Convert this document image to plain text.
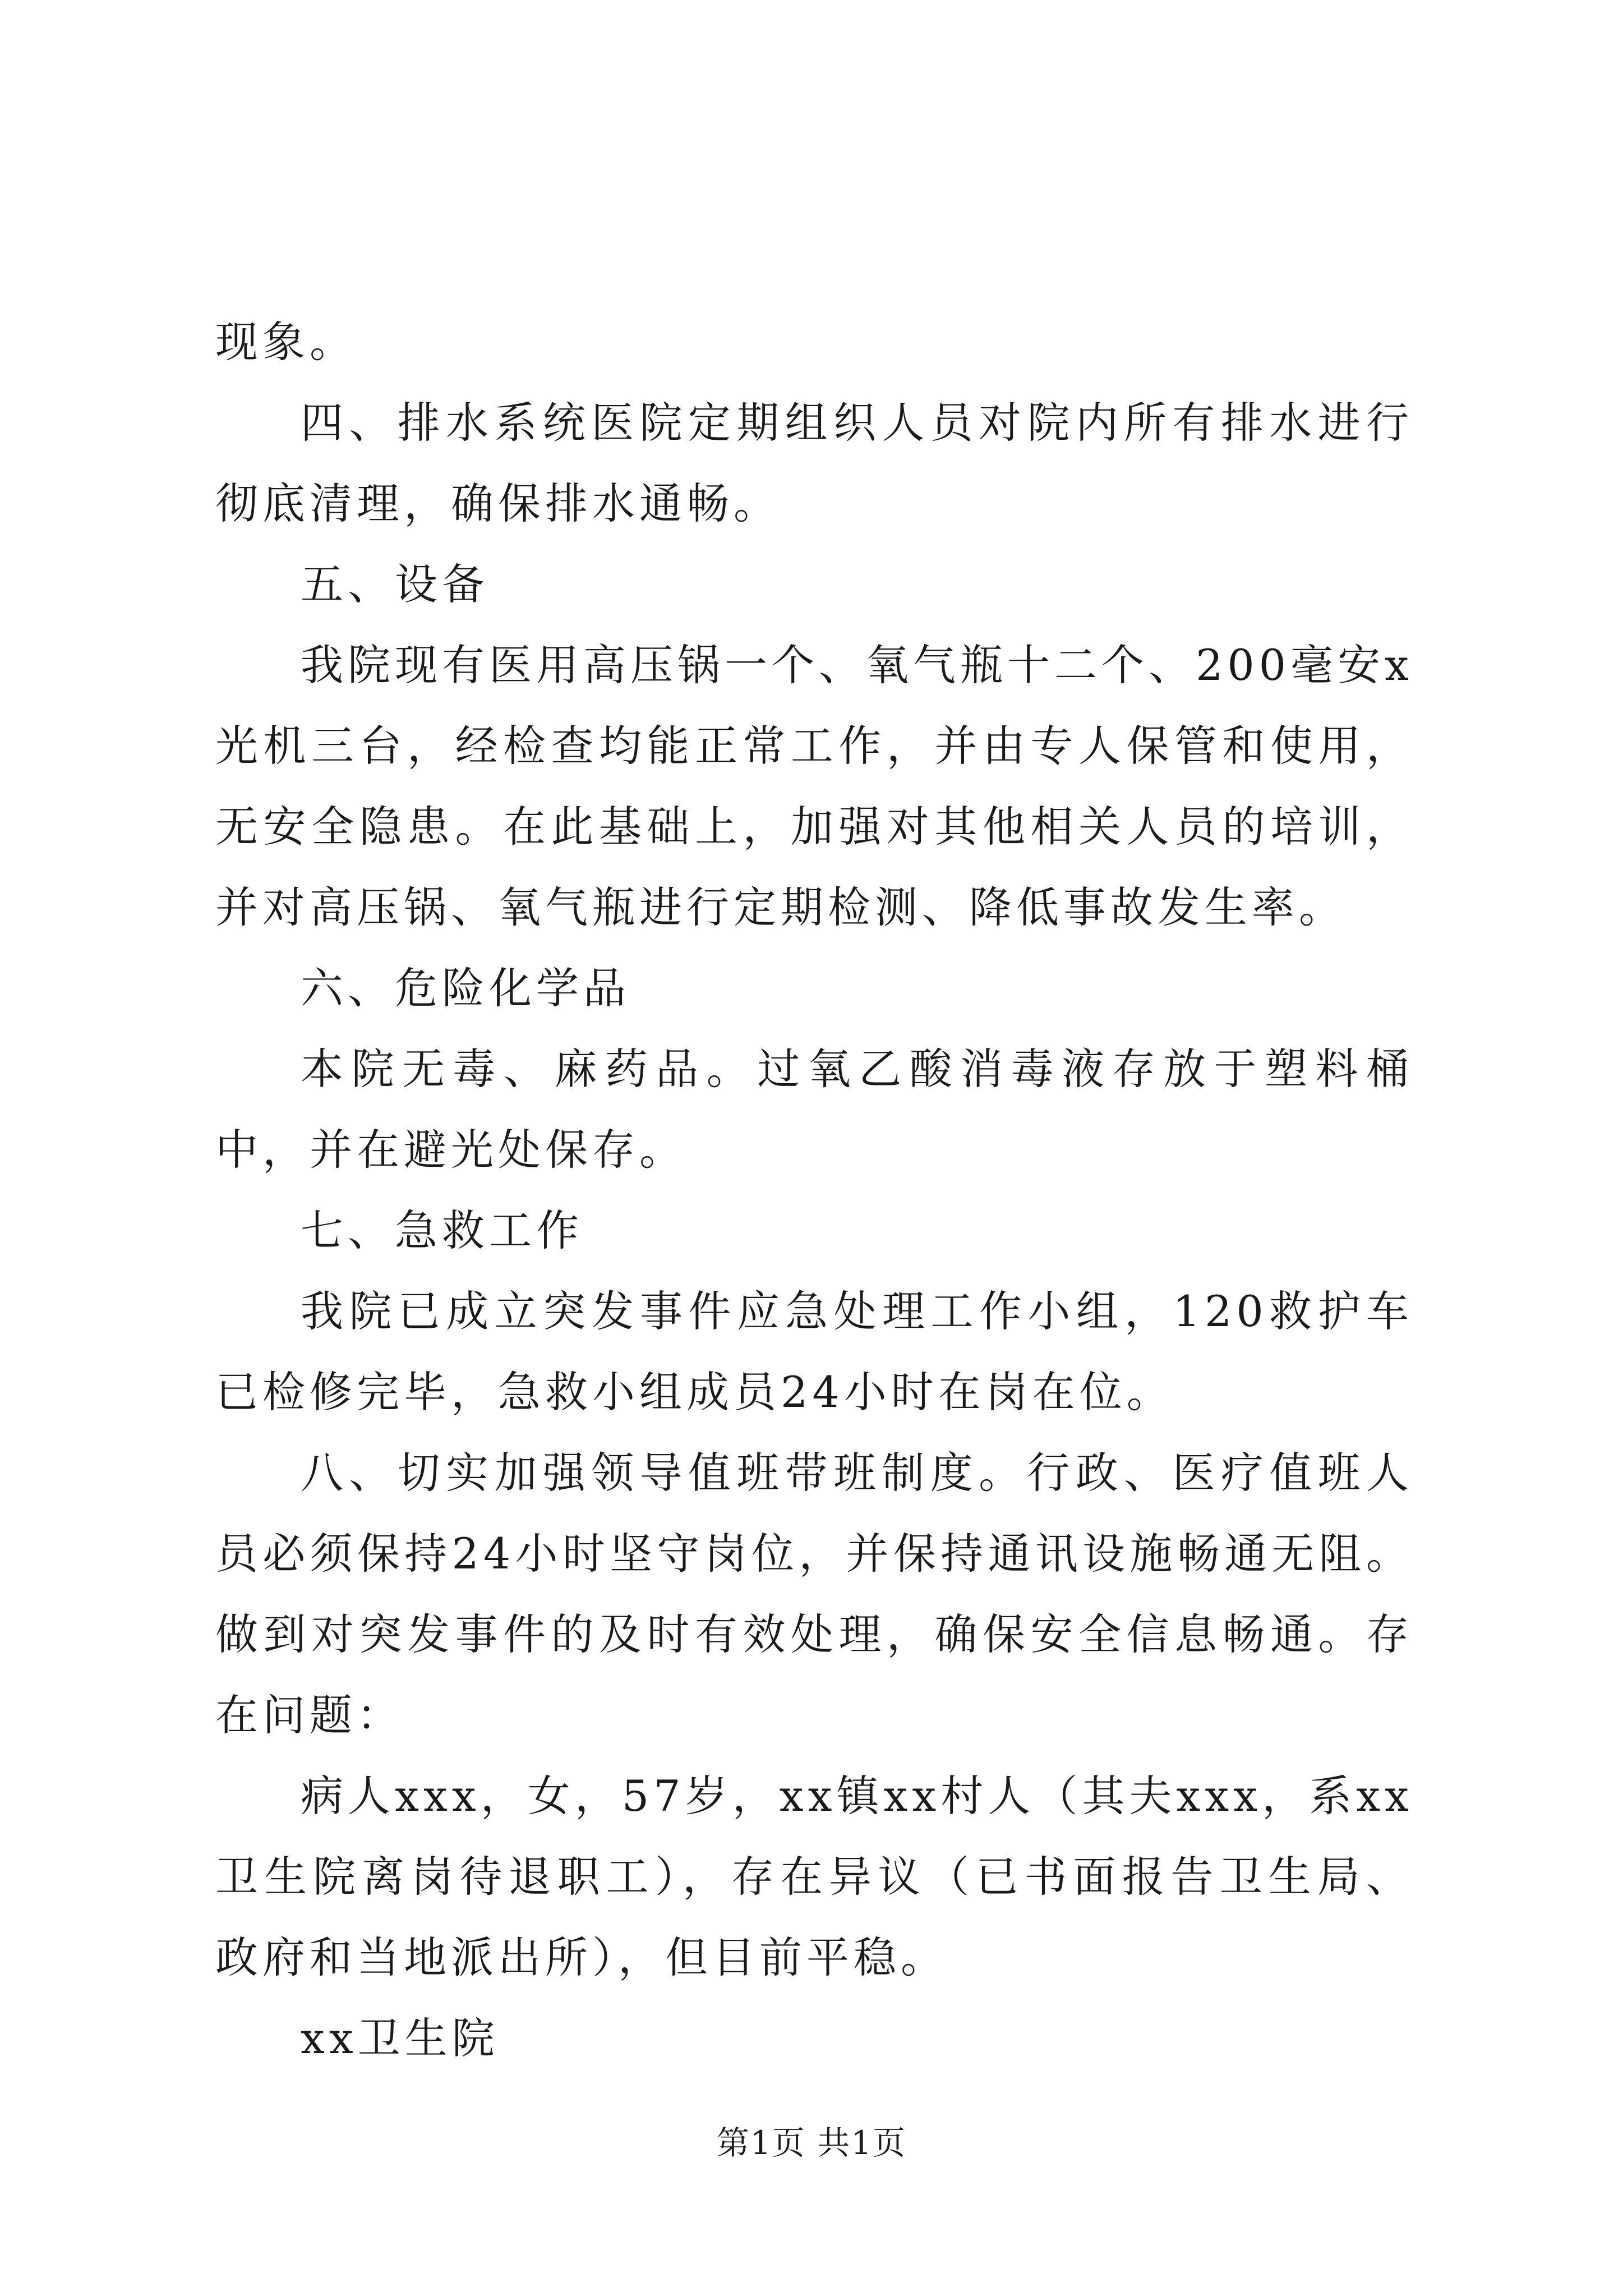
现象。

四、排水系统医院定期组织人员对院内所有排水进行彻底清理，确保排水通畅。

五、设备

我院现有医用高压锅一个、氧气瓶十二个、200毫安x光机三台，经检查均能正常工作，并由专人保管和使用，无安全隐患。在此基础上，加强对其他相关人员的培训，并对高压锅、氧气瓶进行定期检测、降低事故发生率。

六、危险化学品

本院无毒、麻药品。过氧乙酸消毒液存放于塑料桶中，并在避光处保存。

七、急救工作

我院已成立突发事件应急处理工作小组，120救护车已检修完毕，急救小组成员24小时在岗在位。

八、切实加强领导值班带班制度。行政、医疗值班人员必须保持24小时坚守岗位，并保持通讯设施畅通无阻。做到对突发事件的及时有效处理，确保安全信息畅通。存在问题：

病人xxx，女，57岁，xx镇xx村人（其夫xxx，系xx卫生院离岗待退职工），存在异议（已书面报告卫生局、政府和当地派出所），但目前平稳。

xx卫生院

第1页 共1页
